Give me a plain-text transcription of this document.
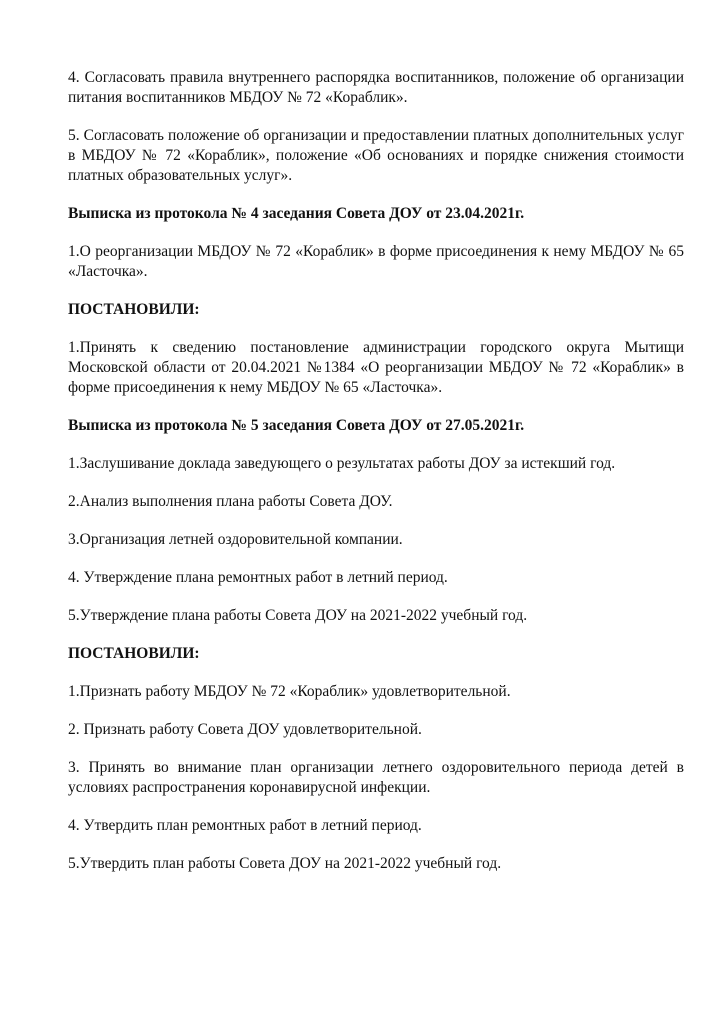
4. Согласовать правила внутреннего распорядка воспитанников, положение об организации питания воспитанников МБДОУ № 72 «Кораблик».

5. Согласовать положение об организации и предоставлении платных дополнительных услуг в МБДОУ № 72 «Кораблик», положение «Об основаниях и порядке снижения стоимости платных образовательных услуг».

Выписка из протокола № 4 заседания Совета ДОУ от 23.04.2021г.

1.О реорганизации МБДОУ № 72 «Кораблик» в форме присоединения к нему МБДОУ № 65 «Ласточка».

ПОСТАНОВИЛИ:

1.Принять к сведению постановление администрации городского округа Мытищи Московской области от 20.04.2021 №1384 «О реорганизации МБДОУ № 72 «Кораблик» в форме присоединения к нему МБДОУ № 65 «Ласточка».

Выписка из протокола № 5 заседания Совета ДОУ от 27.05.2021г.

1.Заслушивание доклада заведующего о результатах работы ДОУ за истекший год.

2.Анализ выполнения плана работы Совета ДОУ.

3.Организация летней оздоровительной компании.

4. Утверждение плана ремонтных работ в летний период.

5.Утверждение плана работы Совета ДОУ на 2021-2022 учебный год.

ПОСТАНОВИЛИ:

1.Признать работу МБДОУ № 72 «Кораблик» удовлетворительной.

2. Признать работу Совета ДОУ удовлетворительной.

3. Принять во внимание план организации летнего оздоровительного периода детей в условиях распространения коронавирусной инфекции.

4. Утвердить план ремонтных работ в летний период.

5.Утвердить план работы Совета ДОУ на 2021-2022 учебный год.
